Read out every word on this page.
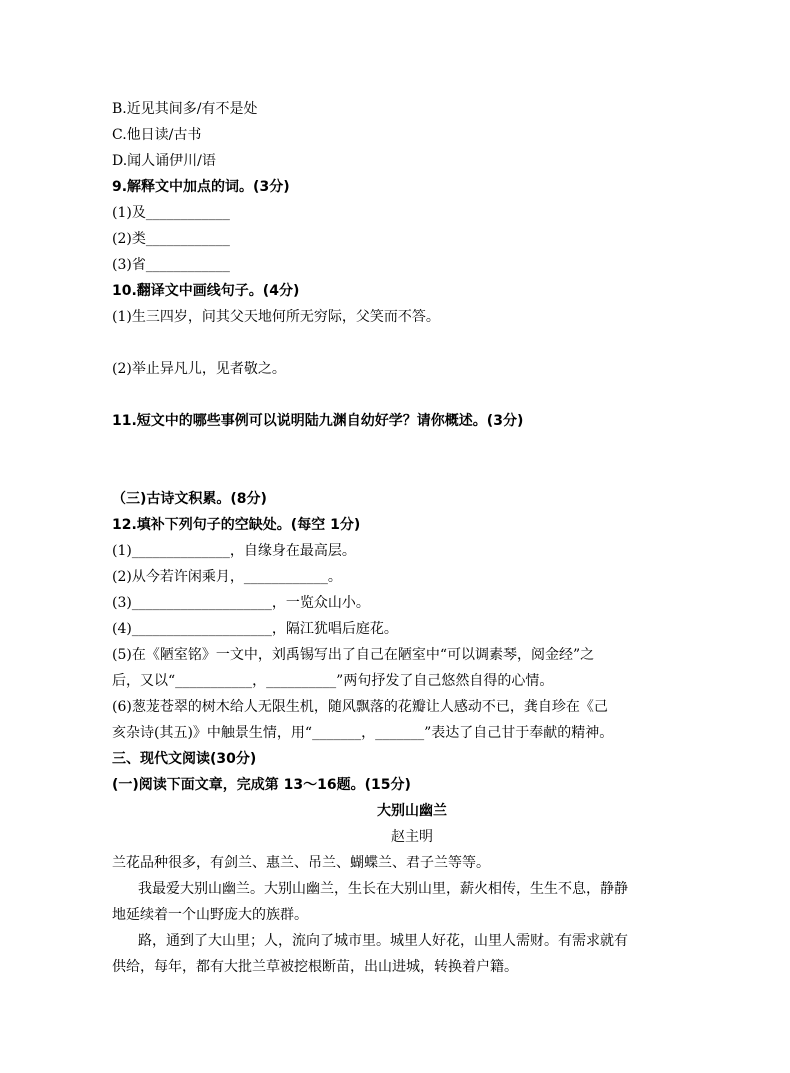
B.近见其间多/有不是处
C.他日读/古书
D.闻人诵伊川/语
9.解释文中加点的词。(3分)
(1)及____________
(2)类____________
(3)省____________
10.翻译文中画线句子。(4分)
(1)生三四岁，问其父天地何所无穷际，父笑而不答。
(2)举止异凡儿，见者敬之。
11.短文中的哪些事例可以说明陆九渊自幼好学？请你概述。(3分)
（三)古诗文积累。(8分)
12.填补下列句子的空缺处。(每空 1分)
(1)______________，自缘身在最高层。
(2)从今若许闲乘月，____________。
(3)____________________，一览众山小。
(4)____________________，隔江犹唱后庭花。
(5)在《陋室铭》一文中，刘禹锡写出了自己在陋室中“可以调素琴，阅金经”之
后，又以“___________，__________”两句抒发了自己悠然自得的心情。
(6)葱茏苍翠的树木给人无限生机，随风飘落的花瓣让人感动不已，龚自珍在《己
亥杂诗(其五)》中触景生情，用“_______，_______”表达了自己甘于奉献的精神。
三、现代文阅读(30分)
(一)阅读下面文章，完成第 13～16题。(15分)
大别山幽兰
赵主明
兰花品种很多，有剑兰、惠兰、吊兰、蝴蝶兰、君子兰等等。
我最爱大别山幽兰。大别山幽兰，生长在大别山里，薪火相传，生生不息，静静
地延续着一个山野庞大的族群。
路，通到了大山里；人，流向了城市里。城里人好花，山里人需财。有需求就有
供给，每年，都有大批兰草被挖根断苗，出山进城，转换着户籍。
